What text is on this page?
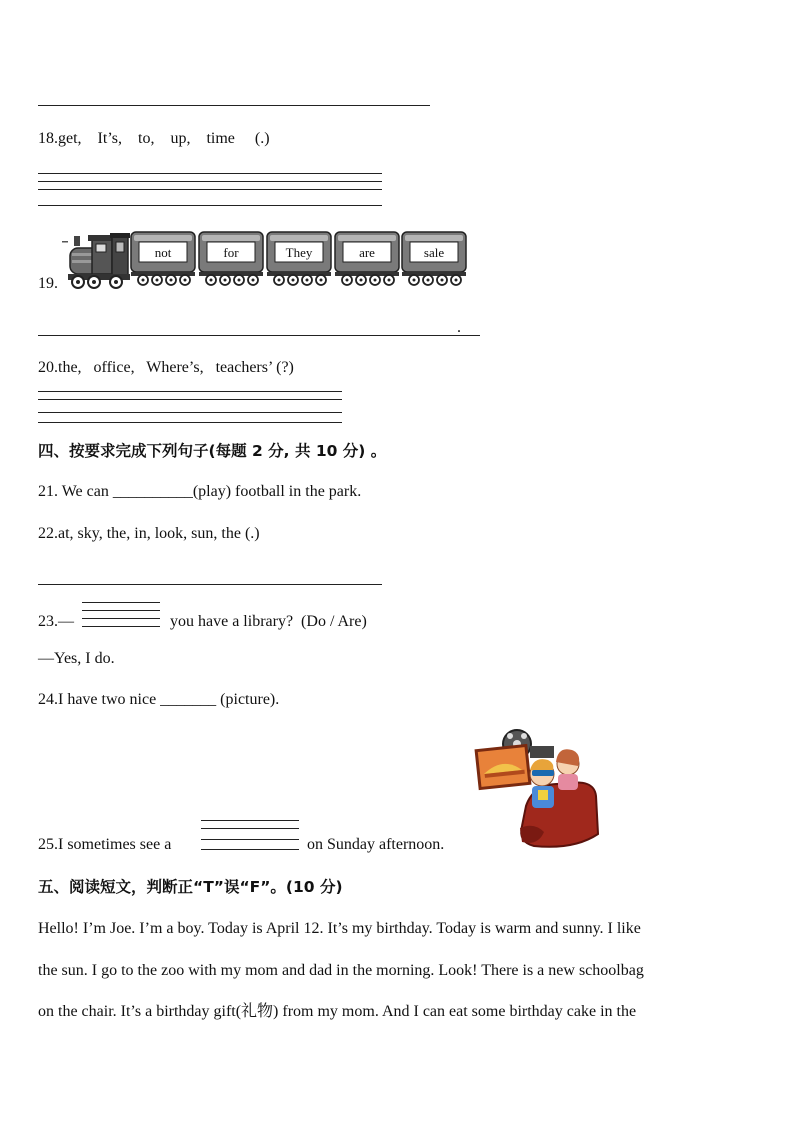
18.get,    It’s,    to,    up,    time     (.)
19.
not	for	They	are	sale
.
20.the,   office,   Where’s,   teachers’ (?)
四、按要求完成下列句子(每题 2 分, 共 10 分) 。
21. We can __________(play) football in the park.
22.at, sky, the, in, look, sun, the (.)
23.—	you have a library?  (Do / Are)
—Yes, I do.
24.I have two nice _______ (picture).
25.I sometimes see a	on Sunday afternoon.
五、阅读短文，判断正“T”误“F”。(10 分)
Hello! I’m Joe. I’m a boy. Today is April 12. It’s my birthday. Today is warm and sunny. I like
the sun. I go to the zoo with my mom and dad in the morning. Look! There is a new schoolbag
on the chair. It’s a birthday gift(礼物) from my mom. And I can eat some birthday cake in the
